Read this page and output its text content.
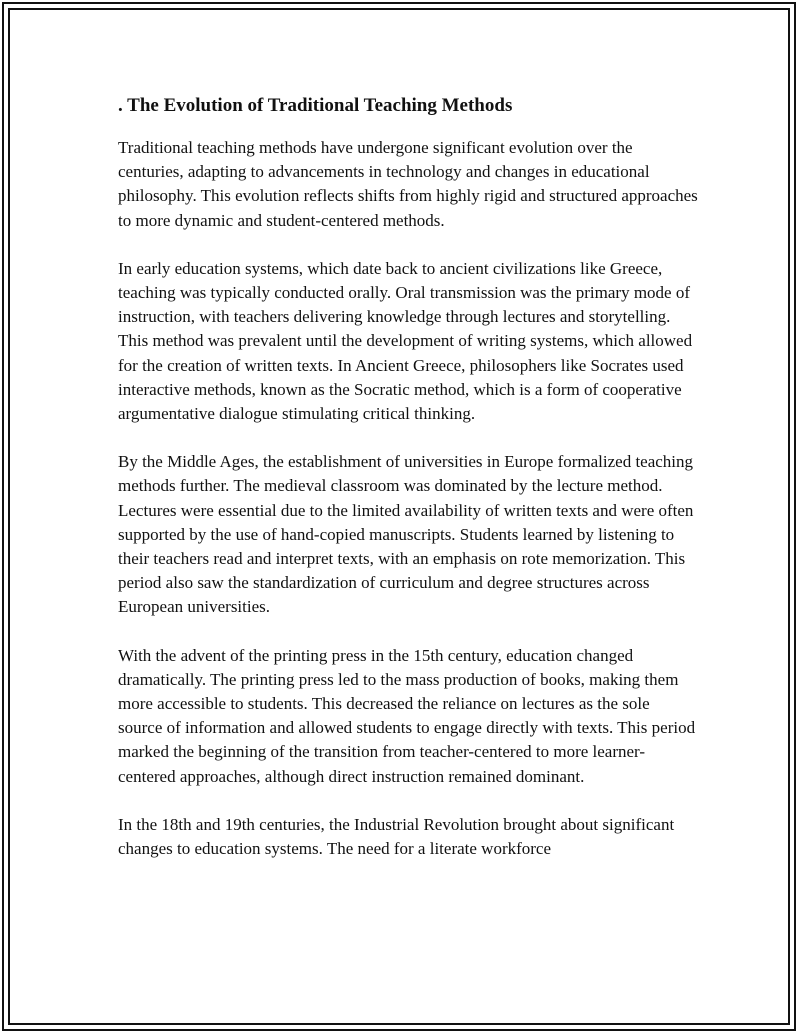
. The Evolution of Traditional Teaching Methods

Traditional teaching methods have undergone significant evolution over the centuries, adapting to advancements in technology and changes in educational philosophy. This evolution reflects shifts from highly rigid and structured approaches to more dynamic and student-centered methods.

In early education systems, which date back to ancient civilizations like Greece, teaching was typically conducted orally. Oral transmission was the primary mode of instruction, with teachers delivering knowledge through lectures and storytelling. This method was prevalent until the development of writing systems, which allowed for the creation of written texts. In Ancient Greece, philosophers like Socrates used interactive methods, known as the Socratic method, which is a form of cooperative argumentative dialogue stimulating critical thinking.

By the Middle Ages, the establishment of universities in Europe formalized teaching methods further. The medieval classroom was dominated by the lecture method. Lectures were essential due to the limited availability of written texts and were often supported by the use of hand-copied manuscripts. Students learned by listening to their teachers read and interpret texts, with an emphasis on rote memorization. This period also saw the standardization of curriculum and degree structures across European universities.

With the advent of the printing press in the 15th century, education changed dramatically. The printing press led to the mass production of books, making them more accessible to students. This decreased the reliance on lectures as the sole source of information and allowed students to engage directly with texts. This period marked the beginning of the transition from teacher-centered to more learner-centered approaches, although direct instruction remained dominant.

In the 18th and 19th centuries, the Industrial Revolution brought about significant changes to education systems. The need for a literate workforce
